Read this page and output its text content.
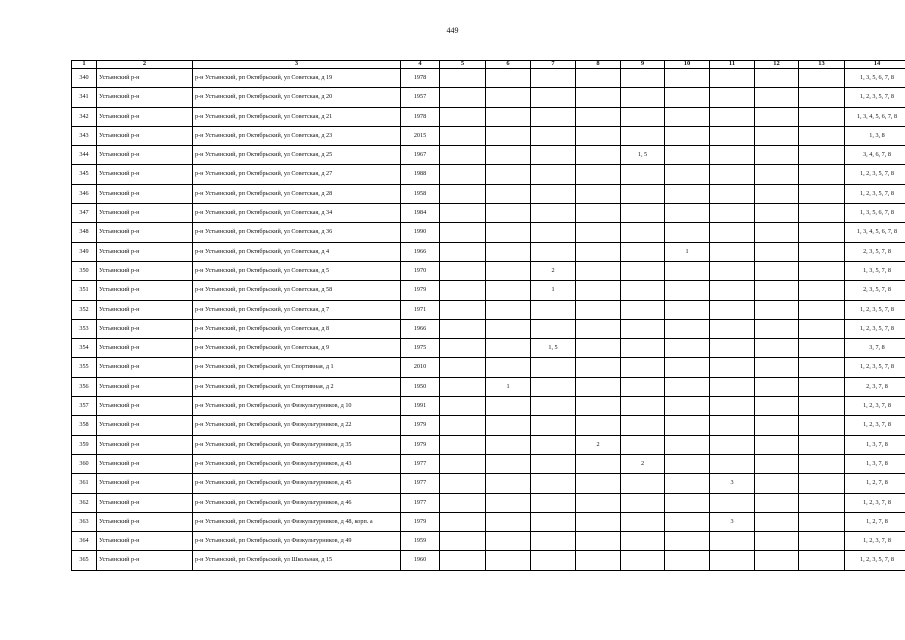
449
1	2	3	4	5	6	7	8	9	10	11	12	13	14
340	Устьянский р-н	р-н Устьянский, рп Октябрьский, ул Советская, д 19	1978										1, 3, 5, 6, 7, 8
341	Устьянский р-н	р-н Устьянский, рп Октябрьский, ул Советская, д 20	1957										1, 2, 3, 5, 7, 8
342	Устьянский р-н	р-н Устьянский, рп Октябрьский, ул Советская, д 21	1978										1, 3, 4, 5, 6, 7, 8
343	Устьянский р-н	р-н Устьянский, рп Октябрьский, ул Советская, д 23	2015										1, 3, 8
344	Устьянский р-н	р-н Устьянский, рп Октябрьский, ул Советская, д 25	1967					1, 5					3, 4, 6, 7, 8
345	Устьянский р-н	р-н Устьянский, рп Октябрьский, ул Советская, д 27	1988										1, 2, 3, 5, 7, 8
346	Устьянский р-н	р-н Устьянский, рп Октябрьский, ул Советская, д 28	1958										1, 2, 3, 5, 7, 8
347	Устьянский р-н	р-н Устьянский, рп Октябрьский, ул Советская, д 34	1984										1, 3, 5, 6, 7, 8
348	Устьянский р-н	р-н Устьянский, рп Октябрьский, ул Советская, д 36	1990										1, 3, 4, 5, 6, 7, 8
349	Устьянский р-н	р-н Устьянский, рп Октябрьский, ул Советская, д 4	1966						1				2, 3, 5, 7, 8
350	Устьянский р-н	р-н Устьянский, рп Октябрьский, ул Советская, д 5	1970			2							1, 3, 5, 7, 8
351	Устьянский р-н	р-н Устьянский, рп Октябрьский, ул Советская, д 58	1979			1							2, 3, 5, 7, 8
352	Устьянский р-н	р-н Устьянский, рп Октябрьский, ул Советская, д 7	1971										1, 2, 3, 5, 7, 8
353	Устьянский р-н	р-н Устьянский, рп Октябрьский, ул Советская, д 8	1966										1, 2, 3, 5, 7, 8
354	Устьянский р-н	р-н Устьянский, рп Октябрьский, ул Советская, д 9	1975			1, 5							3, 7, 8
355	Устьянский р-н	р-н Устьянский, рп Октябрьский, ул Спортивная, д 1	2010										1, 2, 3, 5, 7, 8
356	Устьянский р-н	р-н Устьянский, рп Октябрьский, ул Спортивная, д 2	1950		1								2, 3, 7, 8
357	Устьянский р-н	р-н Устьянский, рп Октябрьский, ул Физкультурников, д 10	1991										1, 2, 3, 7, 8
358	Устьянский р-н	р-н Устьянский, рп Октябрьский, ул Физкультурников, д 22	1979										1, 2, 3, 7, 8
359	Устьянский р-н	р-н Устьянский, рп Октябрьский, ул Физкультурников, д 35	1979				2						1, 3, 7, 8
360	Устьянский р-н	р-н Устьянский, рп Октябрьский, ул Физкультурников, д 43	1977					2					1, 3, 7, 8
361	Устьянский р-н	р-н Устьянский, рп Октябрьский, ул Физкультурников, д 45	1977							3			1, 2, 7, 8
362	Устьянский р-н	р-н Устьянский, рп Октябрьский, ул Физкультурников, д 46	1977										1, 2, 3, 7, 8
363	Устьянский р-н	р-н Устьянский, рп Октябрьский, ул Физкультурников, д 48, корп. а	1979							3			1, 2, 7, 8
364	Устьянский р-н	р-н Устьянский, рп Октябрьский, ул Физкультурников, д 49	1959										1, 2, 3, 7, 8
365	Устьянский р-н	р-н Устьянский, рп Октябрьский, ул Школьная, д 15	1960										1, 2, 3, 5, 7, 8
